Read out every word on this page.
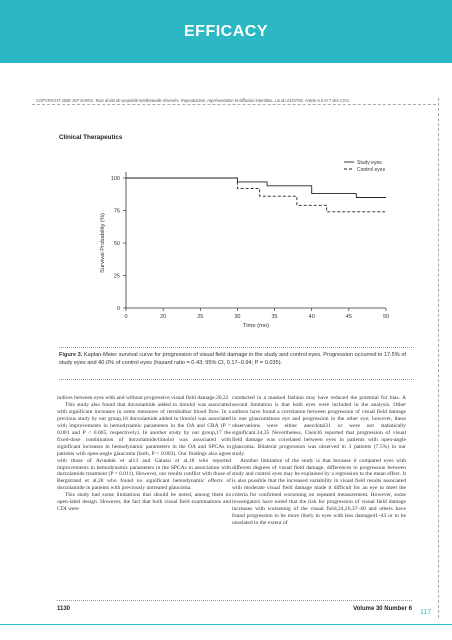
EFFICACY
COPYRIGHT 2008 JNT DARIS. Tous droits de propriété intellectuelle réservés. Reproduction, représentation et diffusion interdites. Loi du 01/07/92. Article 6.0 et 7 des CGV.
Clinical Therapeutics
0
25
50
75
100
0	20	25	30	35	40	45	50
Time (mo)
Survival Probability (%)
Study eyes
Control eyes
Figure 3. Kaplan-Meier survival curve for progression of visual field damage in the study and control eyes. Progression occurred in 17.5% of study eyes and 40.0% of control eyes (hazard ratio = 0.43; 95% CI, 0.17–0.94; P = 0.035).

indices between eyes with and without progressive visual field damage.20,22

This study also found that dorzolamide added to timolol was associated with significant increases in some measures of retrobulbar blood flow. In a previous study by our group,16 dorzolamide added to timolol was associated with improvements in hemodynamic parameters in the OA and CRA (P < 0.001 and P < 0.005, respectively). In another study by our group,17 the fixed-dose combination of dorzolamide/timolol was associated with significant increases in hemodynamic parameters in the OA and SPCAs in patients with open-angle glaucoma (both, P < 0.003). Our findings also agree with those of Avunduk et al13 and Galassi et al,18 who reported improvements in hemodynamic parameters in the SPCAs in association with dorzolamide treatment (P = 0.011). However, our results conflict with those of Bergstrand et al,28 who found no significant hemodynamic effects of dorzolamide in patients with previously untreated glaucoma.

This study had some limitations that should be noted, among them its open-label design. However, the fact that both visual field examinations and CDI were

conducted in a masked fashion may have reduced the potential for bias. A second limitation is that both eyes were included in the analysis. Other authors have found a correlation between progression of visual field damage in one glaucomatous eye and progression in the other eye; however, these observations were either anecdotal31 or were not statistically significant.34,35 Nevertheless, Chen36 reported that progression of visual field damage was correlated between eyes in patients with open-angle glaucoma. Bilateral progression was observed in 3 patients (7.5%) in our study.

Another limitation of the study is that because it compared eyes with different degrees of visual field damage, differences in progression between study and control eyes may be explained by a regression to the mean effect. It is also possible that the increased variability in visual field results associated with moderate visual field damage made it difficult for an eye to meet the criteria for confirmed worsening on repeated measurement. However, some investigators have noted that the risk for progression of visual field damage increases with worsening of the visual field,24,26,37–40 and others have found progression to be more likely in eyes with less damage41–43 or to be unrelated to the extent of

1130	Volume 30 Number 6 117
